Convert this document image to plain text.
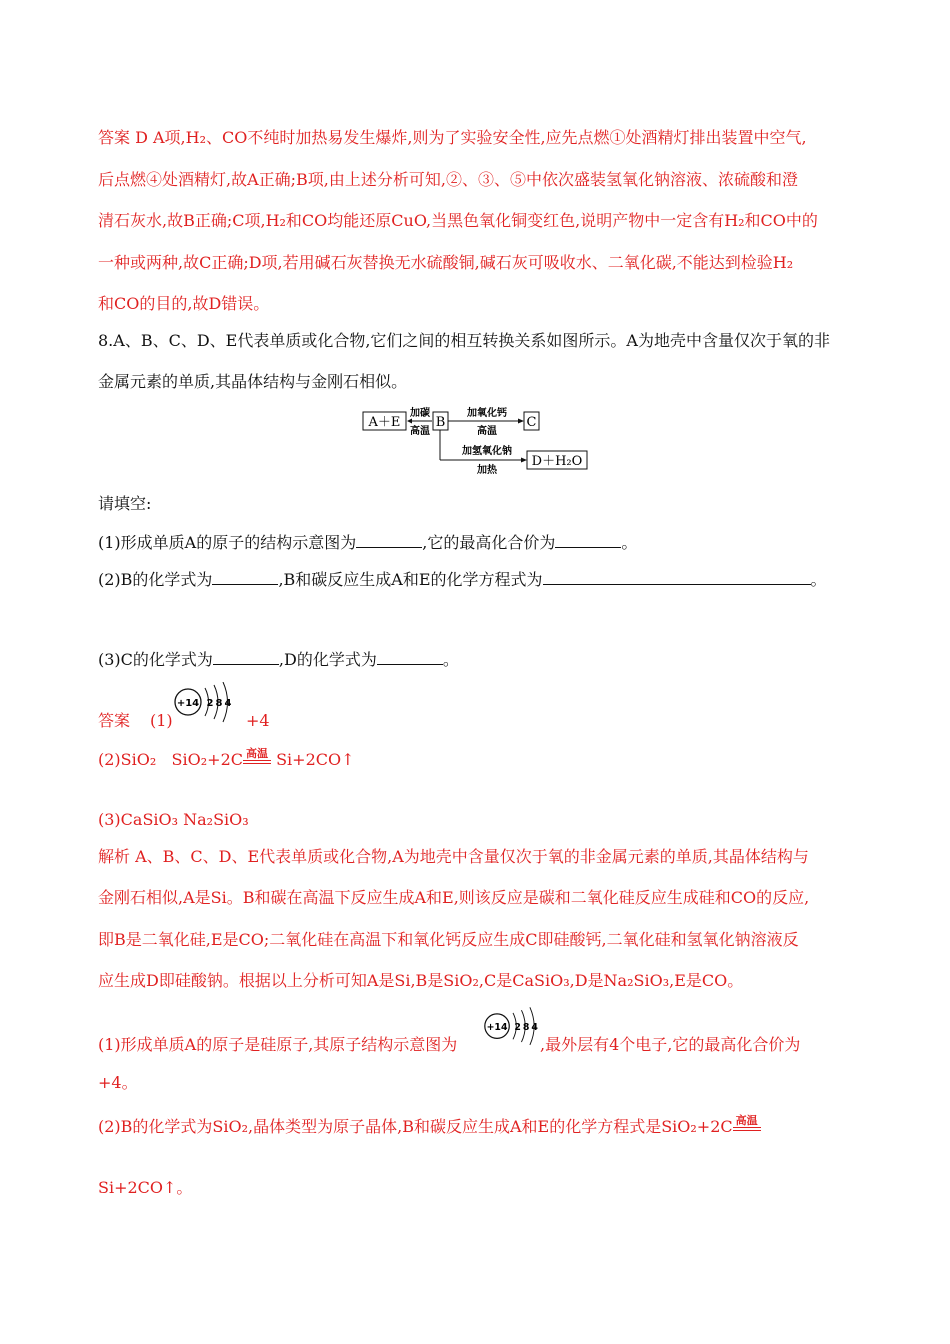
答案 D A项,H₂、CO不纯时加热易发生爆炸,则为了实验安全性,应先点燃①处酒精灯排出装置中空气,
后点燃④处酒精灯,故A正确;B项,由上述分析可知,②、③、⑤中依次盛装氢氧化钠溶液、浓硫酸和澄
清石灰水,故B正确;C项,H₂和CO均能还原CuO,当黑色氧化铜变红色,说明产物中一定含有H₂和CO中的
一种或两种,故C正确;D项,若用碱石灰替换无水硫酸铜,碱石灰可吸收水、二氧化碳,不能达到检验H₂
和CO的目的,故D错误。
8.A、B、C、D、E代表单质或化合物,它们之间的相互转换关系如图所示。A为地壳中含量仅次于氧的非
金属元素的单质,其晶体结构与金刚石相似。
A＋E
加碳
高温
B
加氧化钙
高温
C
加氢氧化钠
加热
D＋H₂O
请填空:
(1)形成单质A的原子的结构示意图为	,它的最高化合价为	。
(2)B的化学式为	,B和碳反应生成A和E的化学方程式为	。
(3)C的化学式为	,D的化学式为	。
答案 (1)
+14 2 8 4
+4
(2)SiO₂ SiO₂+2C 高温 Si+2CO↑
(3)CaSiO₃ Na₂SiO₃
解析 A、B、C、D、E代表单质或化合物,A为地壳中含量仅次于氧的非金属元素的单质,其晶体结构与
金刚石相似,A是Si。B和碳在高温下反应生成A和E,则该反应是碳和二氧化硅反应生成硅和CO的反应,
即B是二氧化硅,E是CO;二氧化硅在高温下和氧化钙反应生成C即硅酸钙,二氧化硅和氢氧化钠溶液反
应生成D即硅酸钠。根据以上分析可知A是Si,B是SiO₂,C是CaSiO₃,D是Na₂SiO₃,E是CO。
(1)形成单质A的原子是硅原子,其原子结构示意图为
+14 2 8 4
,最外层有4个电子,它的最高化合价为
+4。
(2)B的化学式为SiO₂,晶体类型为原子晶体,B和碳反应生成A和E的化学方程式是SiO₂+2C 高温
Si+2CO↑。
